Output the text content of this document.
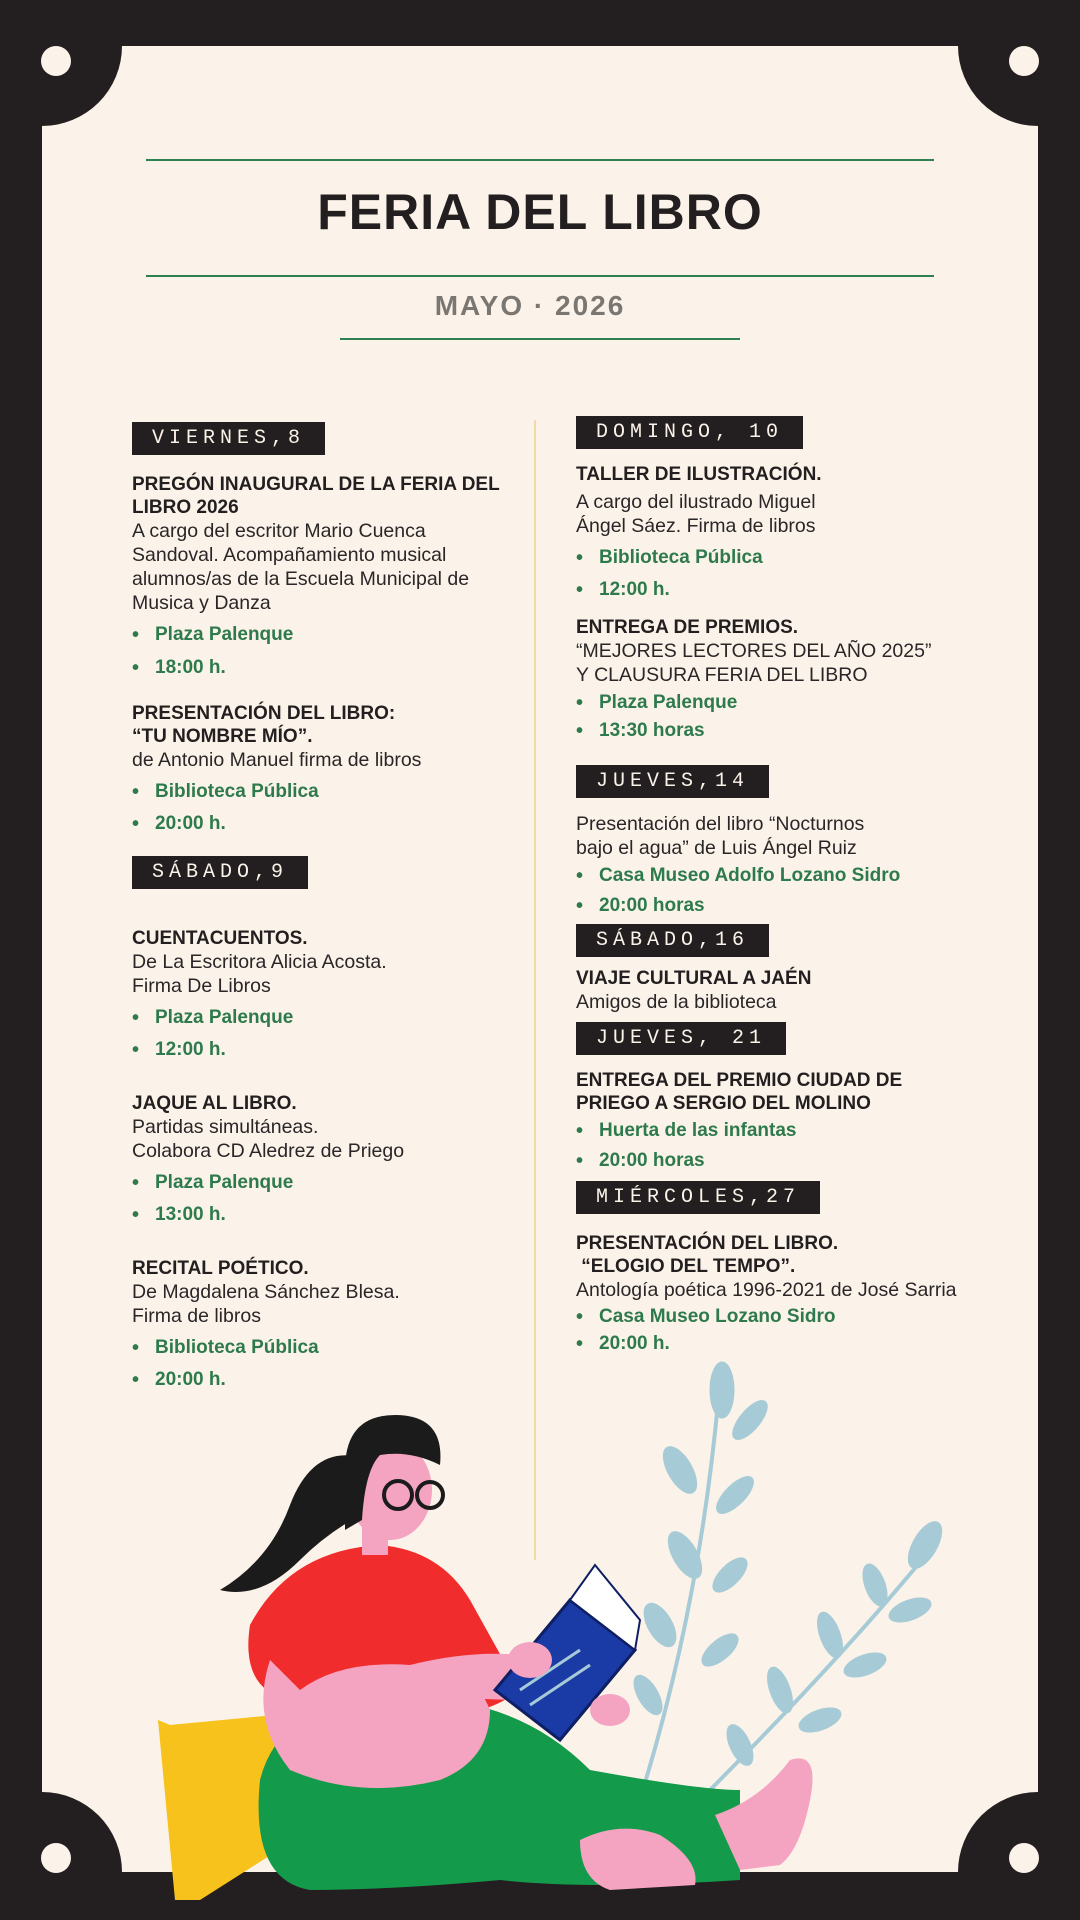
FERIA DEL LIBRO
MAYO · 2026
VIERNES,8
PREGÓN INAUGURAL DE LA FERIA DEL LIBRO 2026
A cargo del escritor Mario Cuenca Sandoval. Acompañamiento musical alumnos/as de la Escuela Municipal de Musica y Danza
• Plaza Palenque
• 18:00 h.
PRESENTACIÓN DEL LIBRO:
“TU NOMBRE MÍO”.
de Antonio Manuel firma de libros
• Biblioteca Pública
• 20:00 h.
SÁBADO,9
CUENTACUENTOS.
De La Escritora Alicia Acosta.
Firma De Libros
• Plaza Palenque
• 12:00 h.
JAQUE AL LIBRO.
Partidas simultáneas.
Colabora CD Aledrez de Priego
• Plaza Palenque
• 13:00 h.
RECITAL POÉTICO.
De Magdalena Sánchez Blesa.
Firma de libros
• Biblioteca Pública
• 20:00 h.
DOMINGO, 10
TALLER DE ILUSTRACIÓN.
A cargo del ilustrado Miguel
Ángel Sáez. Firma de libros
• Biblioteca Pública
• 12:00 h.
ENTREGA DE PREMIOS.
“MEJORES LECTORES DEL AÑO 2025”
Y CLAUSURA FERIA DEL LIBRO
• Plaza Palenque
• 13:30 horas
JUEVES,14
Presentación del libro “Nocturnos
bajo el agua” de Luis Ángel Ruiz
• Casa Museo Adolfo Lozano Sidro
• 20:00 horas
SÁBADO,16
VIAJE CULTURAL A JAÉN
Amigos de la biblioteca
JUEVES, 21
ENTREGA DEL PREMIO CIUDAD DE PRIEGO A SERGIO DEL MOLINO
• Huerta de las infantas
• 20:00 horas
MIÉRCOLES,27
PRESENTACIÓN DEL LIBRO.
“ELOGIO DEL TEMPO”.
Antología poética 1996-2021 de José Sarria
• Casa Museo Lozano Sidro
• 20:00 h.
